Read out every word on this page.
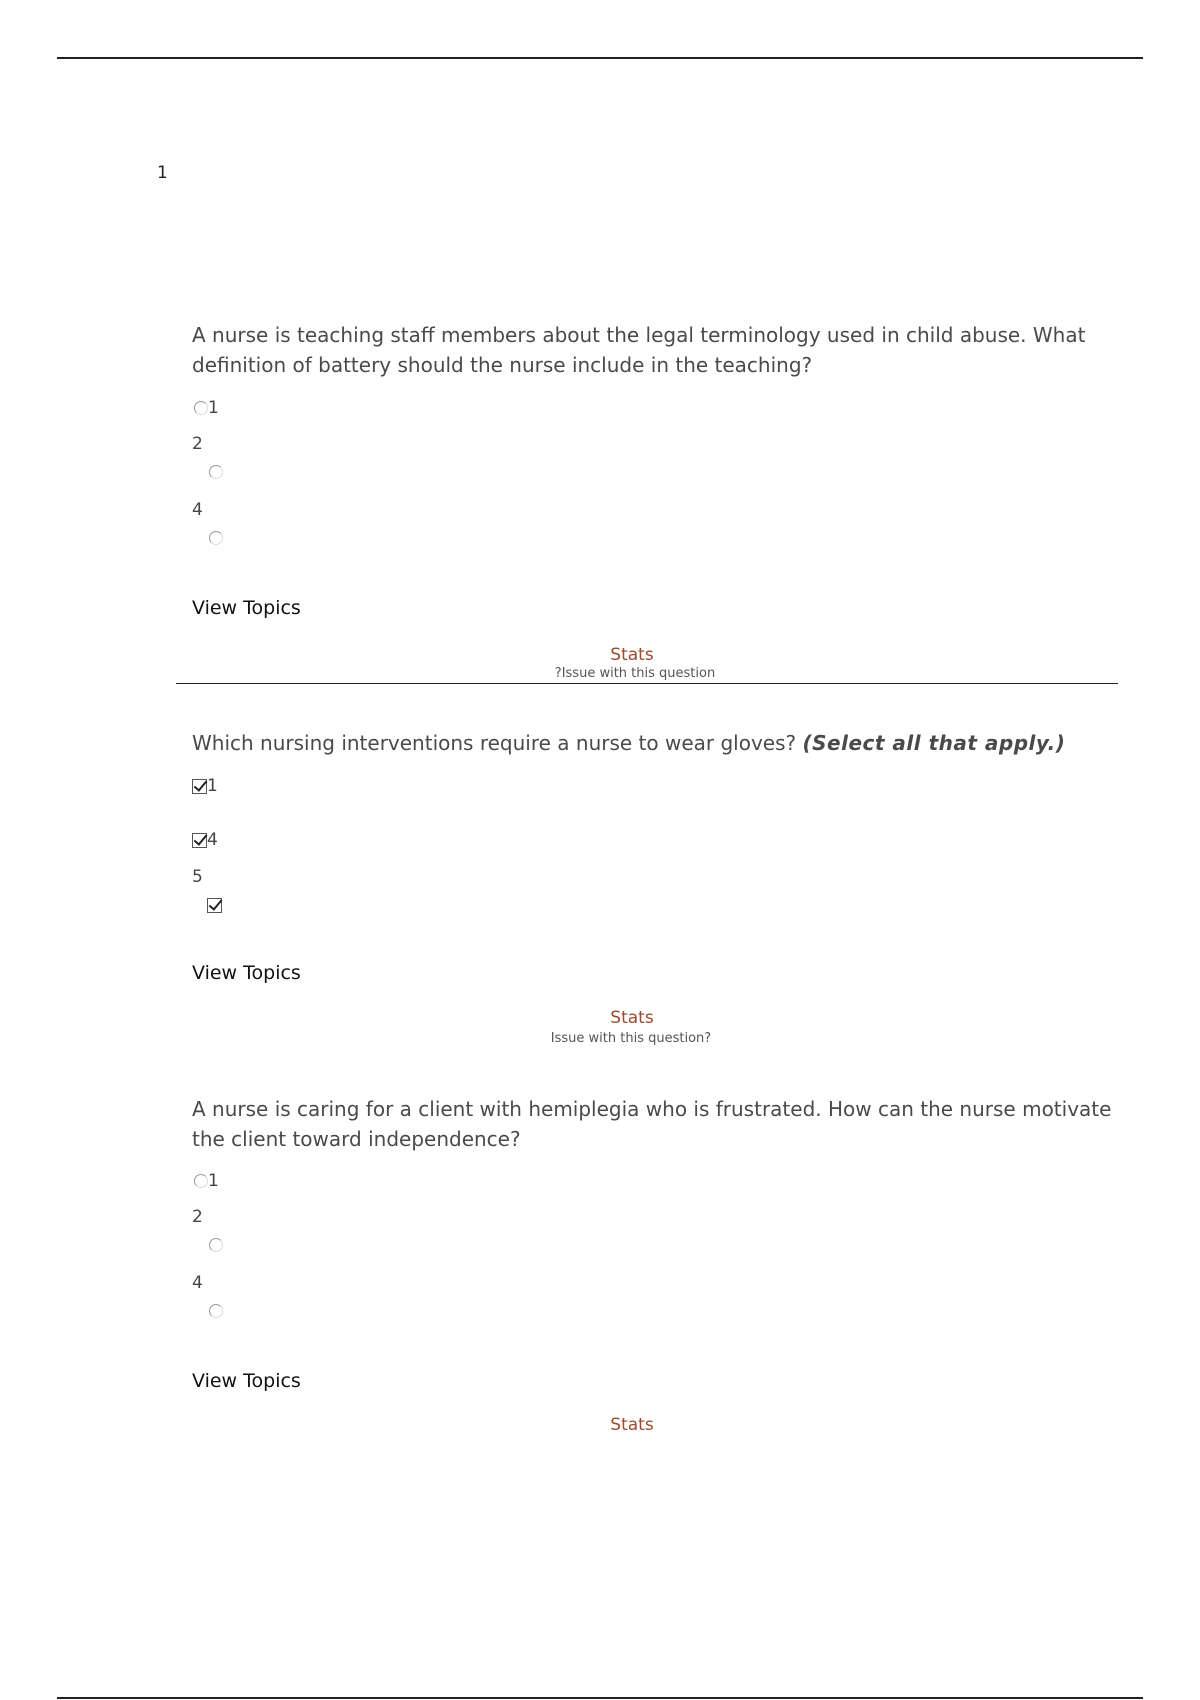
1
A nurse is teaching staff members about the legal terminology used in child abuse. What definition of battery should the nurse include in the teaching?
1
2
4
View Topics
Stats
?Issue with this question
Which nursing interventions require a nurse to wear gloves? (Select all that apply.)
1
4
5
View Topics
Stats
Issue with this question?
A nurse is caring for a client with hemiplegia who is frustrated. How can the nurse motivate the client toward independence?
1
2
4
View Topics
Stats
